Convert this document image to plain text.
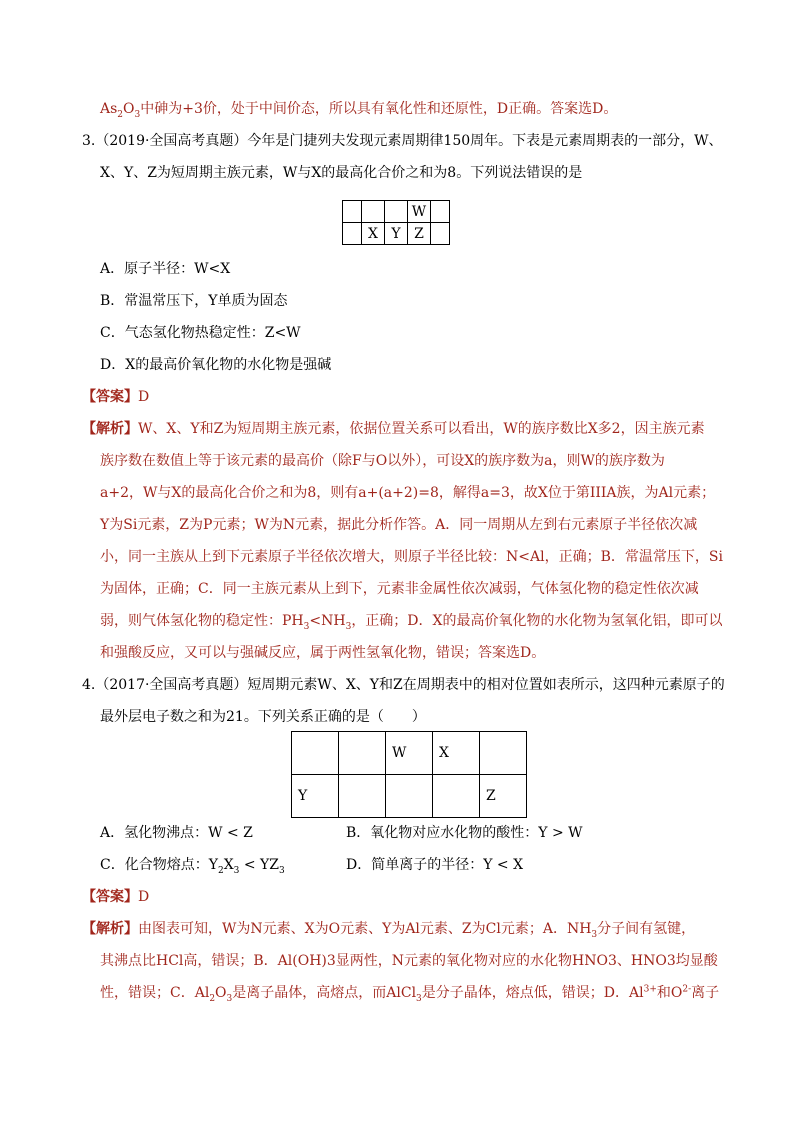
$As_2O_3$中砷为+3价，处于中间价态，所以具有氧化性和还原性，D正确。答案选D。
3.（2019·全国高考真题）今年是门捷列夫发现元素周期律150周年。下表是元素周期表的一部分，W、
X、Y、Z为短周期主族元素，W与X的最高化合价之和为8。下列说法错误的是
			W	
	X	Y	Z	
A．原子半径：W<X
B．常温常压下，Y单质为固态
C．气态氢化物热稳定性：Z<W
D．X的最高价氧化物的水化物是强碱
【答案】D
【解析】W、X、Y和Z为短周期主族元素，依据位置关系可以看出，W的族序数比X多2，因主族元素
族序数在数值上等于该元素的最高价（除F与O以外），可设X的族序数为a，则W的族序数为
a+2，W与X的最高化合价之和为8，则有a+(a+2)=8，解得a=3，故X位于第IIIA族，为Al元素；
Y为Si元素，Z为P元素；W为N元素，据此分析作答。A．同一周期从左到右元素原子半径依次减
小，同一主族从上到下元素原子半径依次增大，则原子半径比较：N<Al，正确；B．常温常压下，Si
为固体，正确；C．同一主族元素从上到下，元素非金属性依次减弱，气体氢化物的稳定性依次减
弱，则气体氢化物的稳定性：$PH_3<NH_3$，正确；D．X的最高价氧化物的水化物为氢氧化铝，即可以
和强酸反应，又可以与强碱反应，属于两性氢氧化物，错误；答案选D。
4.（2017·全国高考真题）短周期元素W、X、Y和Z在周期表中的相对位置如表所示，这四种元素原子的
最外层电子数之和为21。下列关系正确的是（　　）
		W	X	
Y				Z
A．氢化物沸点：W < Z	B．氧化物对应水化物的酸性：Y > W
C．化合物熔点：$Y_2X_3 < YZ_3$	D．简单离子的半径：Y < X
【答案】D
【解析】由图表可知，W为N元素、X为O元素、Y为Al元素、Z为Cl元素；A．$NH_3$分子间有氢键，
其沸点比HCl高，错误；B．Al(OH)3显两性，N元素的氧化物对应的水化物HNO3、HNO3均显酸
性，错误；C．$Al_2O_3$是离子晶体，高熔点，而AlCl$_3$是分子晶体，熔点低，错误；D．$Al^{3+}$和$O^{2-}$离子
